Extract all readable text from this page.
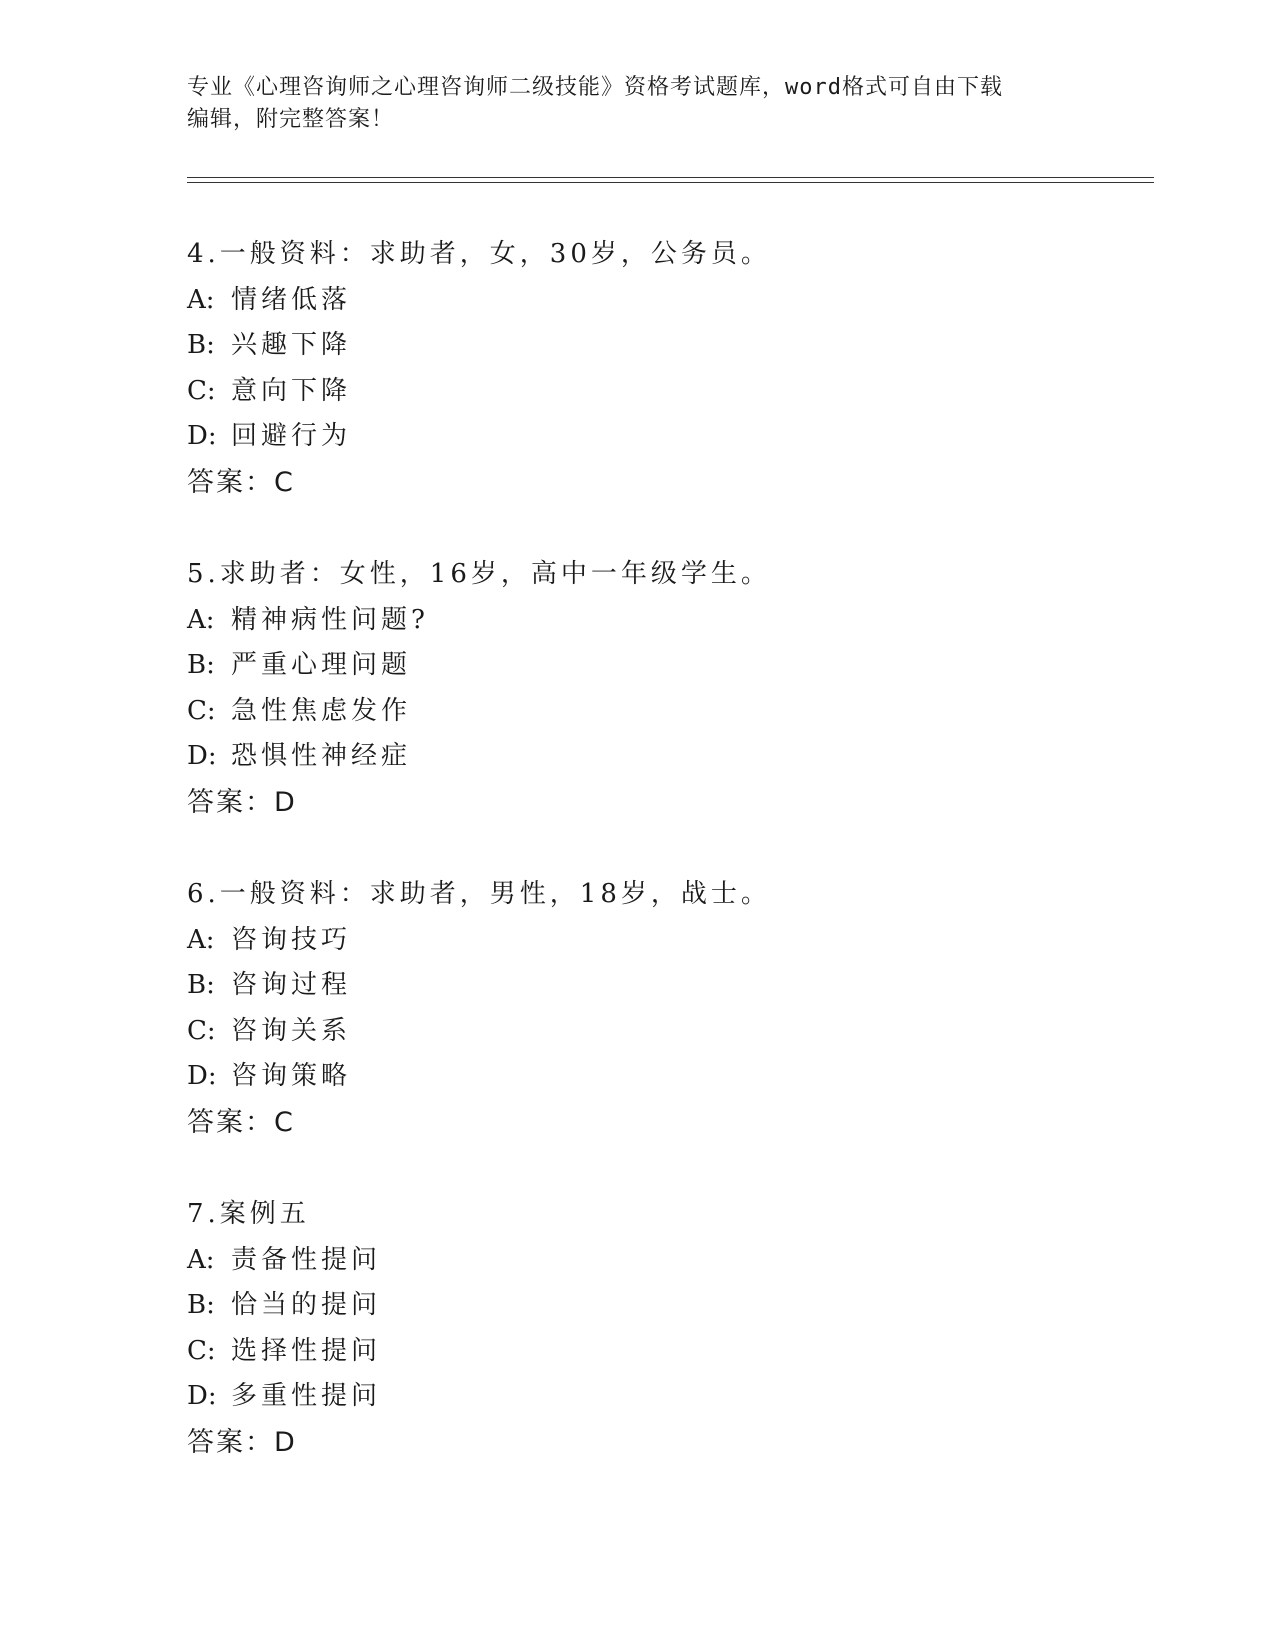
专业《心理咨询师之心理咨询师二级技能》资格考试题库，word格式可自由下载
编辑，附完整答案！
4.一般资料：求助者，女，30岁，公务员。
A: 情绪低落
B: 兴趣下降
C: 意向下降
D: 回避行为
答案：C
5.求助者：女性，16岁，高中一年级学生。
A: 精神病性问题?
B: 严重心理问题
C: 急性焦虑发作
D: 恐惧性神经症
答案：D
6.一般资料：求助者，男性，18岁，战士。
A: 咨询技巧
B: 咨询过程
C: 咨询关系
D: 咨询策略
答案：C
7.案例五
A: 责备性提问
B: 恰当的提问
C: 选择性提问
D: 多重性提问
答案：D
